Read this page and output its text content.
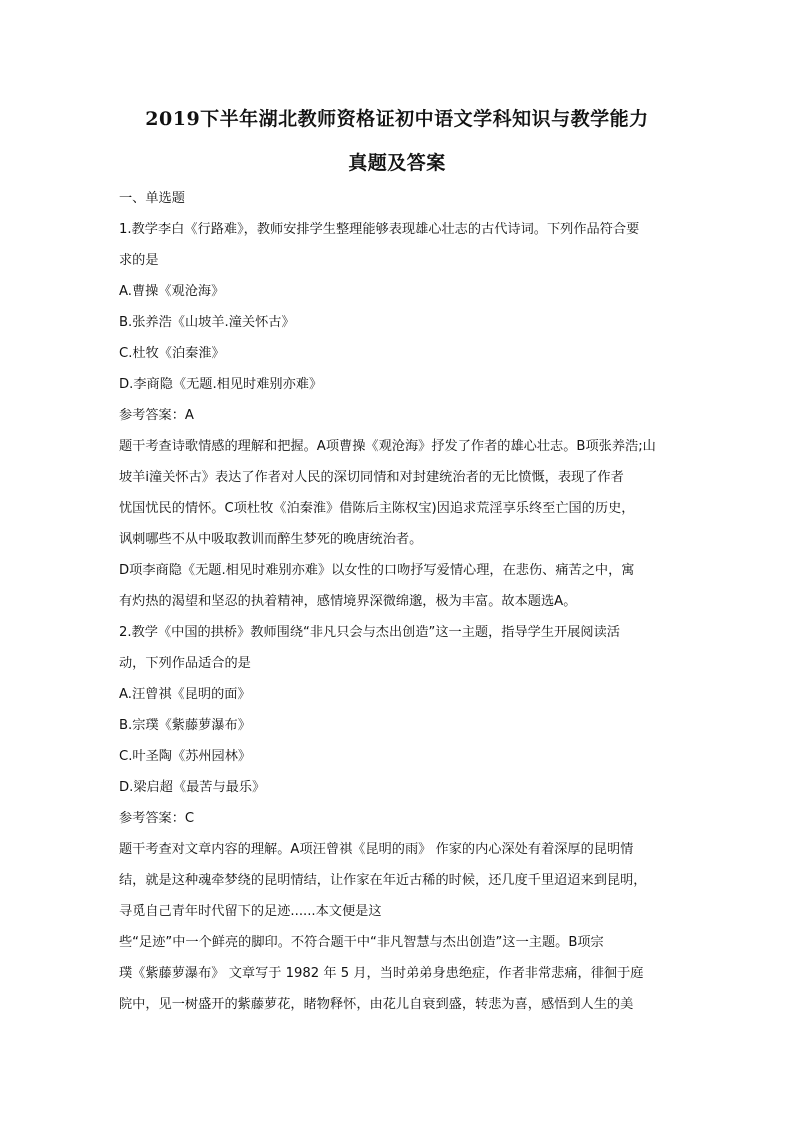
2019下半年湖北教师资格证初中语文学科知识与教学能力
真题及答案
一、单选题
1.教学李白《行路难》，教师安排学生整理能够表现雄心壮志的古代诗词。下列作品符合要
求的是
A.曹操《观沧海》
B.张养浩《山坡羊.潼关怀古》
C.杜牧《泊秦淮》
D.李商隐《无题.相见时难别亦难》
参考答案：A
题干考查诗歌情感的理解和把握。A项曹操《观沧海》抒发了作者的雄心壮志。B项张养浩;山
坡羊ⅰ潼关怀古》表达了作者对人民的深切同情和对封建统治者的无比愤慨，表现了作者
忧国忧民的情怀。C项杜牧《泊秦淮》借陈后主陈权宝)因追求荒淫享乐终至亡国的历史，
讽刺哪些不从中吸取教训而醉生梦死的晚唐统治者。
D项李商隐《无题.相见时难别亦难》以女性的口吻抒写爱情心理，在悲伤、痛苦之中，寓
有灼热的渴望和坚忍的执着精神，感情境界深微绵邈，极为丰富。故本题选A。
2.教学《中国的拱桥》教师围绕“非凡只会与杰出创造”这一主题，指导学生开展阅读活
动，下列作品适合的是
A.汪曾祺《昆明的面》
B.宗璞《紫藤萝瀑布》
C.叶圣陶《苏州园林》
D.梁启超《最苦与最乐》
参考答案：C
题干考查对文章内容的理解。A项汪曾祺《昆明的雨》 作家的内心深处有着深厚的昆明情
结，就是这种魂牵梦绕的昆明情结，让作家在年近古稀的时候，还几度千里迢迢来到昆明，
寻觅自己青年时代留下的足迹......本文便是这
些“足迹”中一个鲜亮的脚印。不符合题干中“非凡智慧与杰出创造”这一主题。B项宗
璞《紫藤萝瀑布》 文章写于 1982 年 5 月，当时弟弟身患绝症，作者非常悲痛，徘徊于庭
院中，见一树盛开的紫藤萝花，睹物释怀，由花儿自衰到盛，转悲为喜，感悟到人生的美
